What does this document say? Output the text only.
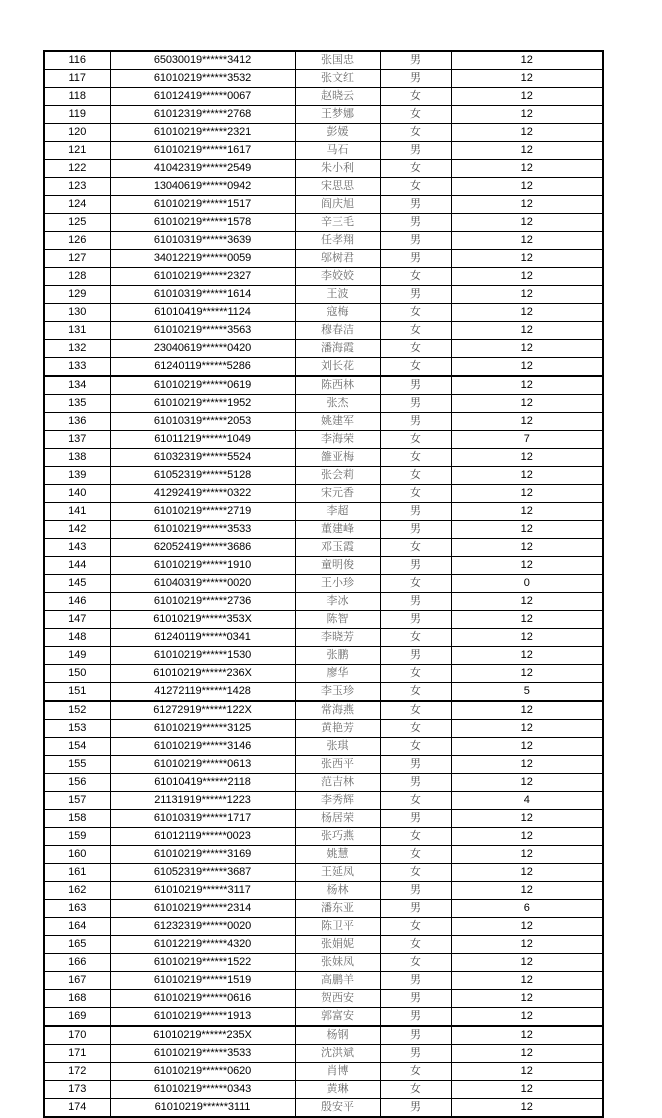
116	65030019******3412	张国忠	男	12
117	61010219******3532	张文红	男	12
118	61012419******0067	赵晓云	女	12
119	61012319******2768	王梦娜	女	12
120	61010219******2321	彭媛	女	12
121	61010219******1617	马石	男	12
122	41042319******2549	朱小利	女	12
123	13040619******0942	宋思思	女	12
124	61010219******1517	阎庆旭	男	12
125	61010219******1578	辛三毛	男	12
126	61010319******3639	任孝翔	男	12
127	34012219******0059	邬树君	男	12
128	61010219******2327	李姣姣	女	12
129	61010319******1614	王波	男	12
130	61010419******1124	寇梅	女	12
131	61010219******3563	穆春洁	女	12
132	23040619******0420	潘海霞	女	12
133	61240119******5286	刘长花	女	12
134	61010219******0619	陈西林	男	12
135	61010219******1952	张杰	男	12
136	61010319******2053	姚建军	男	12
137	61011219******1049	李海荣	女	7
138	61032319******5524	雒亚梅	女	12
139	61052319******5128	张会莉	女	12
140	41292419******0322	宋元香	女	12
141	61010219******2719	李超	男	12
142	61010219******3533	董建峰	男	12
143	62052419******3686	邓玉霞	女	12
144	61010219******1910	童明俊	男	12
145	61040319******0020	王小珍	女	0
146	61010219******2736	李冰	男	12
147	61010219******353X	陈智	男	12
148	61240119******0341	李晓芳	女	12
149	61010219******1530	张鹏	男	12
150	61010219******236X	廖华	女	12
151	41272119******1428	李玉珍	女	5
152	61272919******122X	常海燕	女	12
153	61010219******3125	黄艳芳	女	12
154	61010219******3146	张琪	女	12
155	61010219******0613	张西平	男	12
156	61010419******2118	范吉林	男	12
157	21131919******1223	李秀辉	女	4
158	61010319******1717	杨居荣	男	12
159	61012119******0023	张巧燕	女	12
160	61010219******3169	姚慧	女	12
161	61052319******3687	王延凤	女	12
162	61010219******3117	杨林	男	12
163	61010219******2314	潘东亚	男	6
164	61232319******0020	陈卫平	女	12
165	61012219******4320	张娟妮	女	12
166	61010219******1522	张妹凤	女	12
167	61010219******1519	高鹏羊	男	12
168	61010219******0616	贺西安	男	12
169	61010219******1913	郭富安	男	12
170	61010219******235X	杨钢	男	12
171	61010219******3533	沈洪斌	男	12
172	61010219******0620	肖博	女	12
173	61010219******0343	黄琳	女	12
174	61010219******3111	殷安平	男	12
